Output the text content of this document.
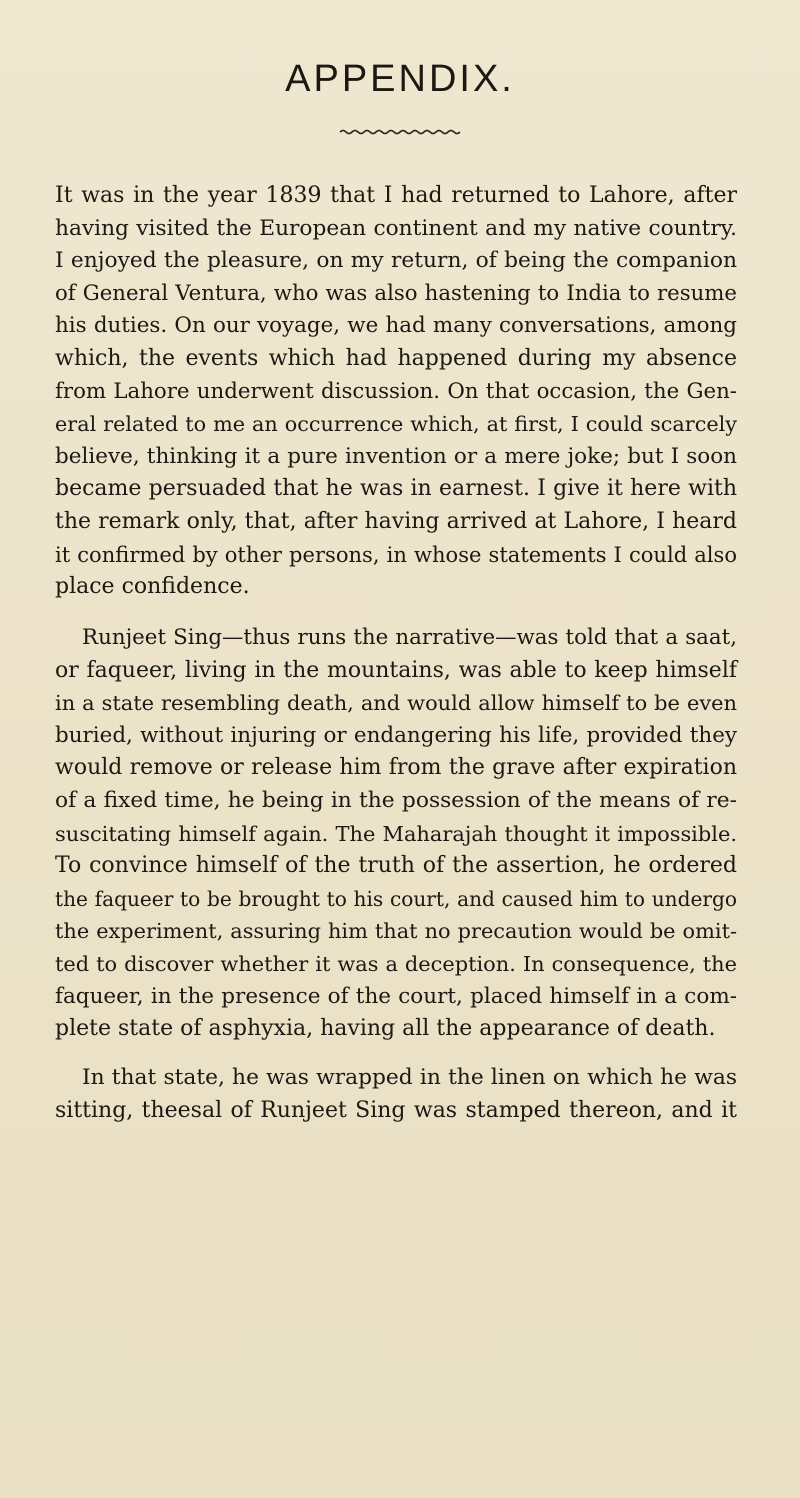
APPENDIX.
It was in the year 1839 that I had returned to Lahore, after
having visited the European continent and my native country.
I enjoyed the pleasure, on my return, of being the companion
of General Ventura, who was also hastening to India to resume
his duties. On our voyage, we had many conversations, among
which, the events which had happened during my absence
from Lahore underwent discussion. On that occasion, the Gen-
eral related to me an occurrence which, at first, I could scarcely
believe, thinking it a pure invention or a mere joke; but I soon
became persuaded that he was in earnest. I give it here with
the remark only, that, after having arrived at Lahore, I heard
it confirmed by other persons, in whose statements I could also
place confidence.
Runjeet Sing—thus runs the narrative—was told that a saat,
or faqueer, living in the mountains, was able to keep himself
in a state resembling death, and would allow himself to be even
buried, without injuring or endangering his life, provided they
would remove or release him from the grave after expiration
of a fixed time, he being in the possession of the means of re-
suscitating himself again. The Maharajah thought it impossible.
To convince himself of the truth of the assertion, he ordered
the faqueer to be brought to his court, and caused him to undergo
the experiment, assuring him that no precaution would be omit-
ted to discover whether it was a deception. In consequence, the
faqueer, in the presence of the court, placed himself in a com-
plete state of asphyxia, having all the appearance of death.
In that state, he was wrapped in the linen on which he was
sitting, theesal of Runjeet Sing was stamped thereon, and it
